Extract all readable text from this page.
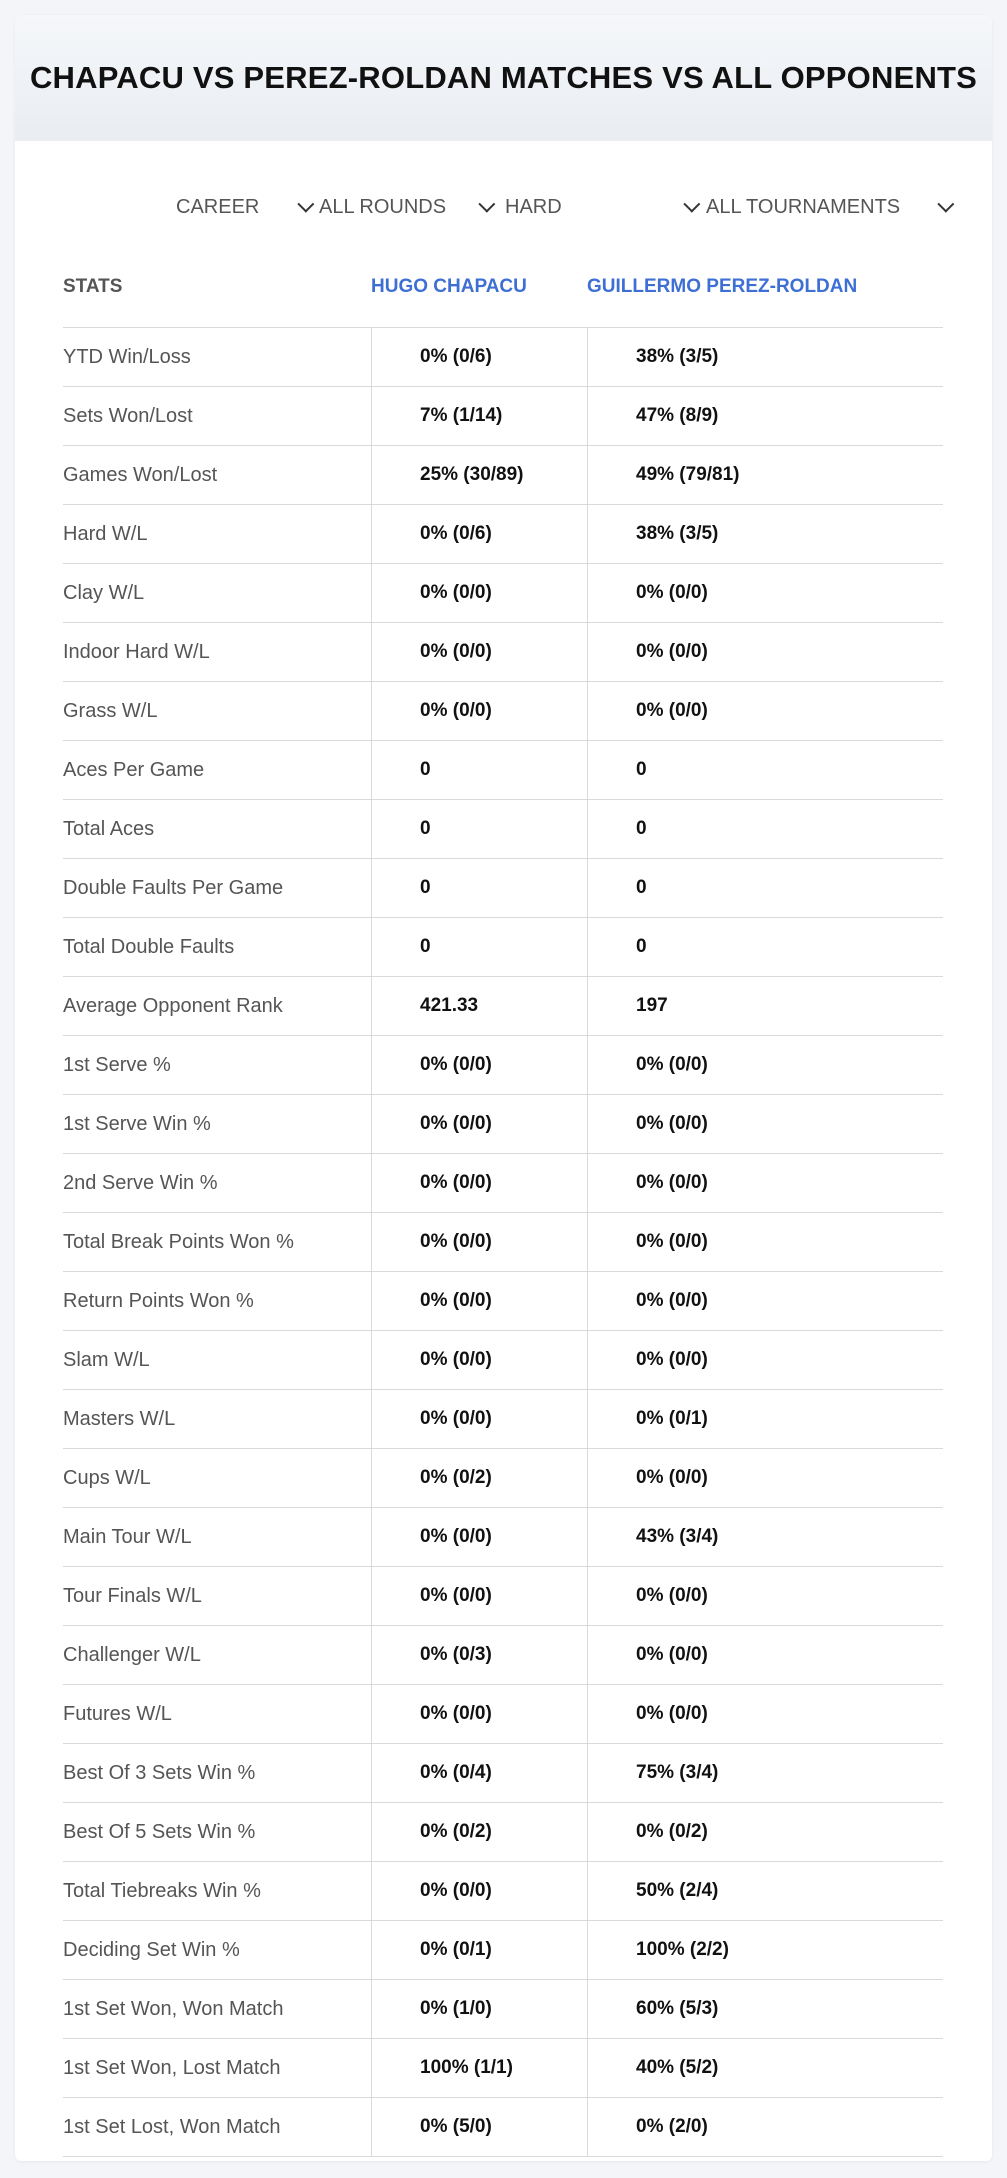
CHAPACU VS PEREZ-ROLDAN MATCHES VS ALL OPPONENTS
CAREER	ALL ROUNDS	HARD	ALL TOURNAMENTS
STATS	HUGO CHAPACU	GUILLERMO PEREZ-ROLDAN
YTD Win/Loss	0% (0/6)	38% (3/5)
Sets Won/Lost	7% (1/14)	47% (8/9)
Games Won/Lost	25% (30/89)	49% (79/81)
Hard W/L	0% (0/6)	38% (3/5)
Clay W/L	0% (0/0)	0% (0/0)
Indoor Hard W/L	0% (0/0)	0% (0/0)
Grass W/L	0% (0/0)	0% (0/0)
Aces Per Game	0	0
Total Aces	0	0
Double Faults Per Game	0	0
Total Double Faults	0	0
Average Opponent Rank	421.33	197
1st Serve %	0% (0/0)	0% (0/0)
1st Serve Win %	0% (0/0)	0% (0/0)
2nd Serve Win %	0% (0/0)	0% (0/0)
Total Break Points Won %	0% (0/0)	0% (0/0)
Return Points Won %	0% (0/0)	0% (0/0)
Slam W/L	0% (0/0)	0% (0/0)
Masters W/L	0% (0/0)	0% (0/1)
Cups W/L	0% (0/2)	0% (0/0)
Main Tour W/L	0% (0/0)	43% (3/4)
Tour Finals W/L	0% (0/0)	0% (0/0)
Challenger W/L	0% (0/3)	0% (0/0)
Futures W/L	0% (0/0)	0% (0/0)
Best Of 3 Sets Win %	0% (0/4)	75% (3/4)
Best Of 5 Sets Win %	0% (0/2)	0% (0/2)
Total Tiebreaks Win %	0% (0/0)	50% (2/4)
Deciding Set Win %	0% (0/1)	100% (2/2)
1st Set Won, Won Match	0% (1/0)	60% (5/3)
1st Set Won, Lost Match	100% (1/1)	40% (5/2)
1st Set Lost, Won Match	0% (5/0)	0% (2/0)
